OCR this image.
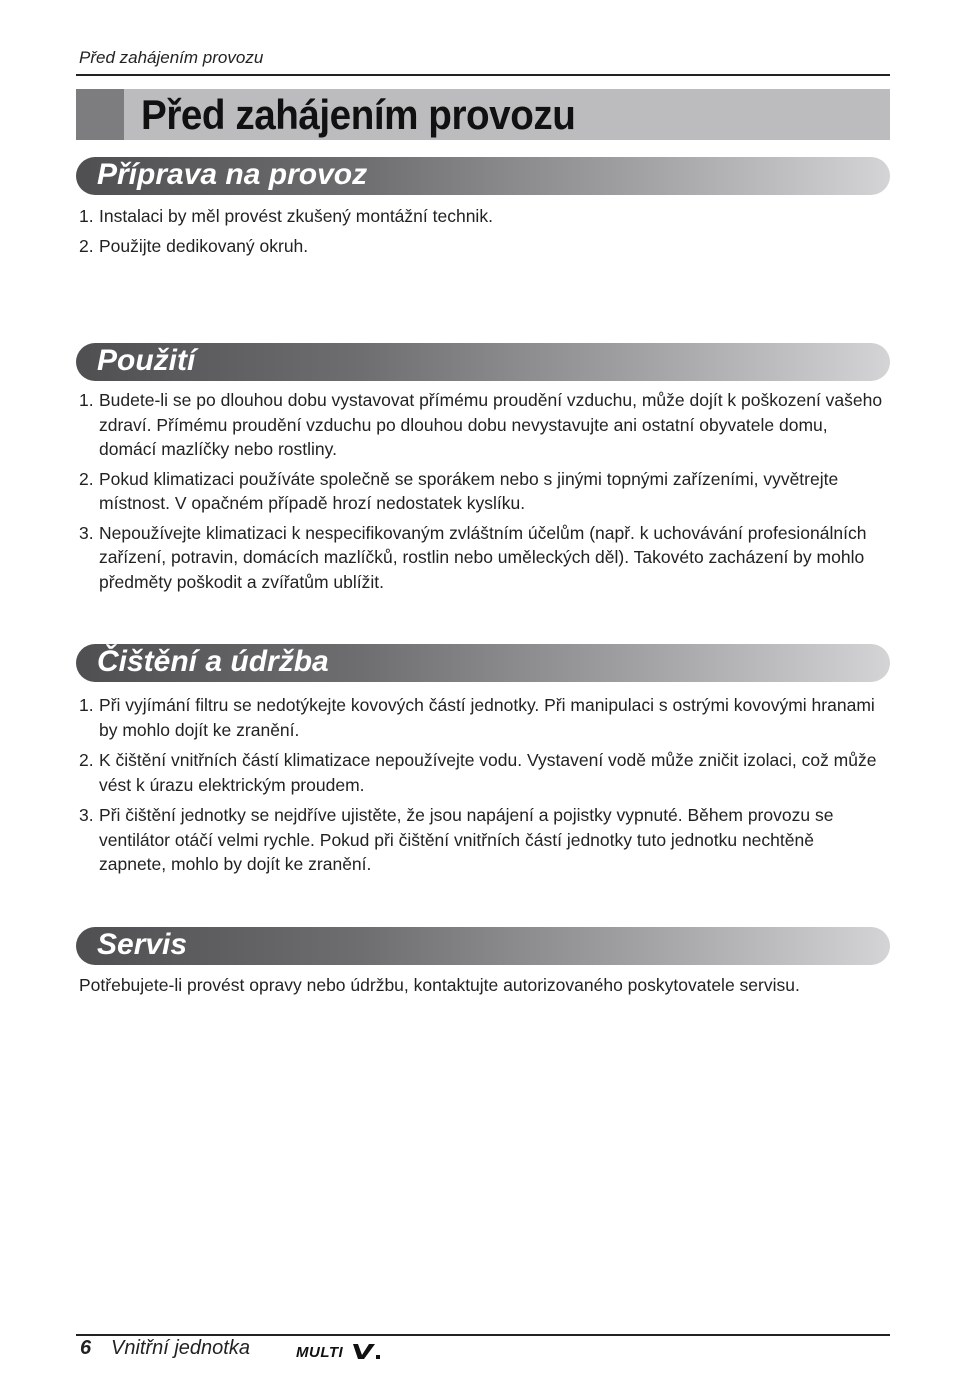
Před zahájením provozu
Před zahájením provozu
Příprava na provoz
1. Instalaci by měl provést zkušený montážní technik.
2. Použijte dedikovaný okruh.
Použití
1. Budete-li se po dlouhou dobu vystavovat přímému proudění vzduchu, může dojít k poškození vašeho zdraví. Přímému proudění vzduchu po dlouhou dobu nevystavujte ani ostatní obyvatele domu, domácí mazlíčky nebo rostliny.
2. Pokud klimatizaci používáte společně se sporákem nebo s jinými topnými zařízeními, vyvětrejte místnost. V opačném případě hrozí nedostatek kyslíku.
3. Nepoužívejte klimatizaci k nespecifikovaným zvláštním účelům (např. k uchovávání profesionálních zařízení, potravin, domácích mazlíčků, rostlin nebo uměleckých děl). Takovéto zacházení by mohlo předměty poškodit a zvířatům ublížit.
Čištění a údržba
1. Při vyjímání filtru se nedotýkejte kovových částí jednotky. Při manipulaci s ostrými kovovými hranami by mohlo dojít ke zranění.
2. K čištění vnitřních částí klimatizace nepoužívejte vodu. Vystavení vodě může zničit izolaci, což může vést k úrazu elektrickým proudem.
3. Při čištění jednotky se nejdříve ujistěte, že jsou napájení a pojistky vypnuté. Během provozu se ventilátor otáčí velmi rychle. Pokud při čištění vnitřních částí jednotky tuto jednotku nechtěně zapnete, mohlo by dojít ke zranění.
Servis
Potřebujete-li provést opravy nebo údržbu, kontaktujte autorizovaného poskytovatele servisu.
6 Vnitřní jednotka	MULTI
